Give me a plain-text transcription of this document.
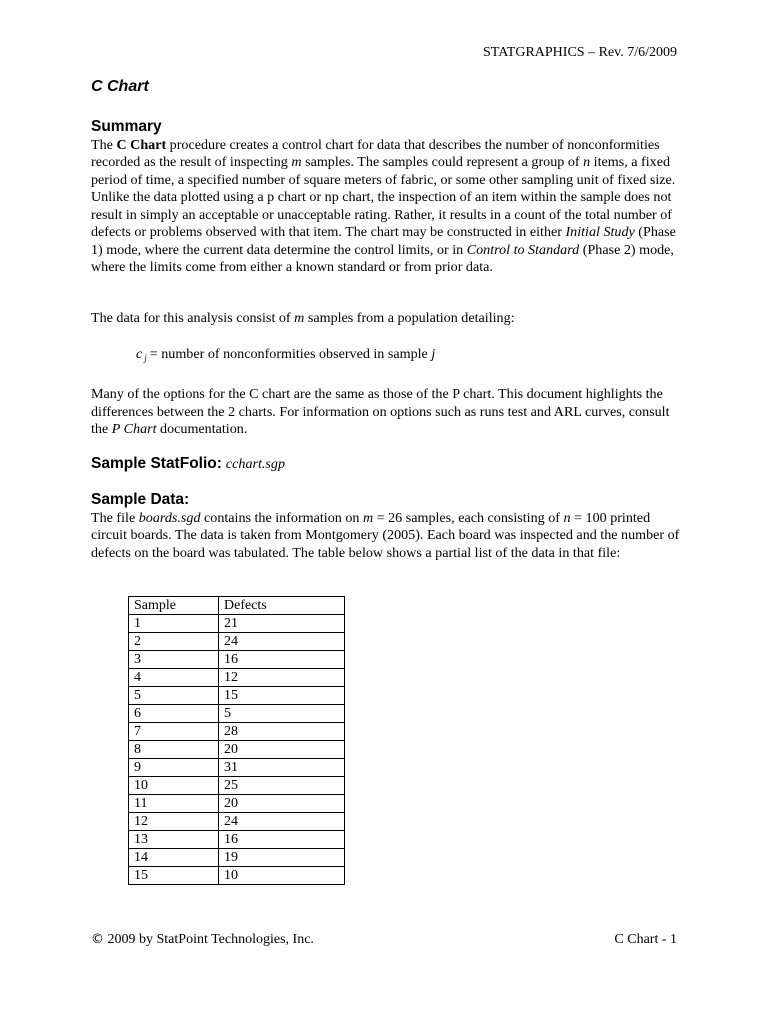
STATGRAPHICS – Rev. 7/6/2009
C Chart
Summary

The C Chart procedure creates a control chart for data that describes the number of nonconformities recorded as the result of inspecting m samples. The samples could represent a group of n items, a fixed period of time, a specified number of square meters of fabric, or some other sampling unit of fixed size. Unlike the data plotted using a p chart or np chart, the inspection of an item within the sample does not result in simply an acceptable or unacceptable rating. Rather, it results in a count of the total number of defects or problems observed with that item. The chart may be constructed in either Initial Study (Phase 1) mode, where the current data determine the control limits, or in Control to Standard (Phase 2) mode, where the limits come from either a known standard or from prior data.

The data for this analysis consist of m samples from a population detailing:

c $_j$ = number of nonconformities observed in sample j

Many of the options for the C chart are the same as those of the P chart. This document highlights the differences between the 2 charts. For information on options such as runs test and ARL curves, consult the P Chart documentation.

Sample StatFolio: cchart.sgp
Sample Data:

The file boards.sgd contains the information on m = 26 samples, each consisting of n = 100 printed circuit boards. The data is taken from Montgomery (2005). Each board was inspected and the number of defects on the board was tabulated. The table below shows a partial list of the data in that file:

Sample	Defects
1	21
2	24
3	16
4	12
5	15
6	5
7	28
8	20
9	31
10	25
11	20
12	24
13	16
14	19
15	10
© 2009 by StatPoint Technologies, Inc.	C Chart - 1
